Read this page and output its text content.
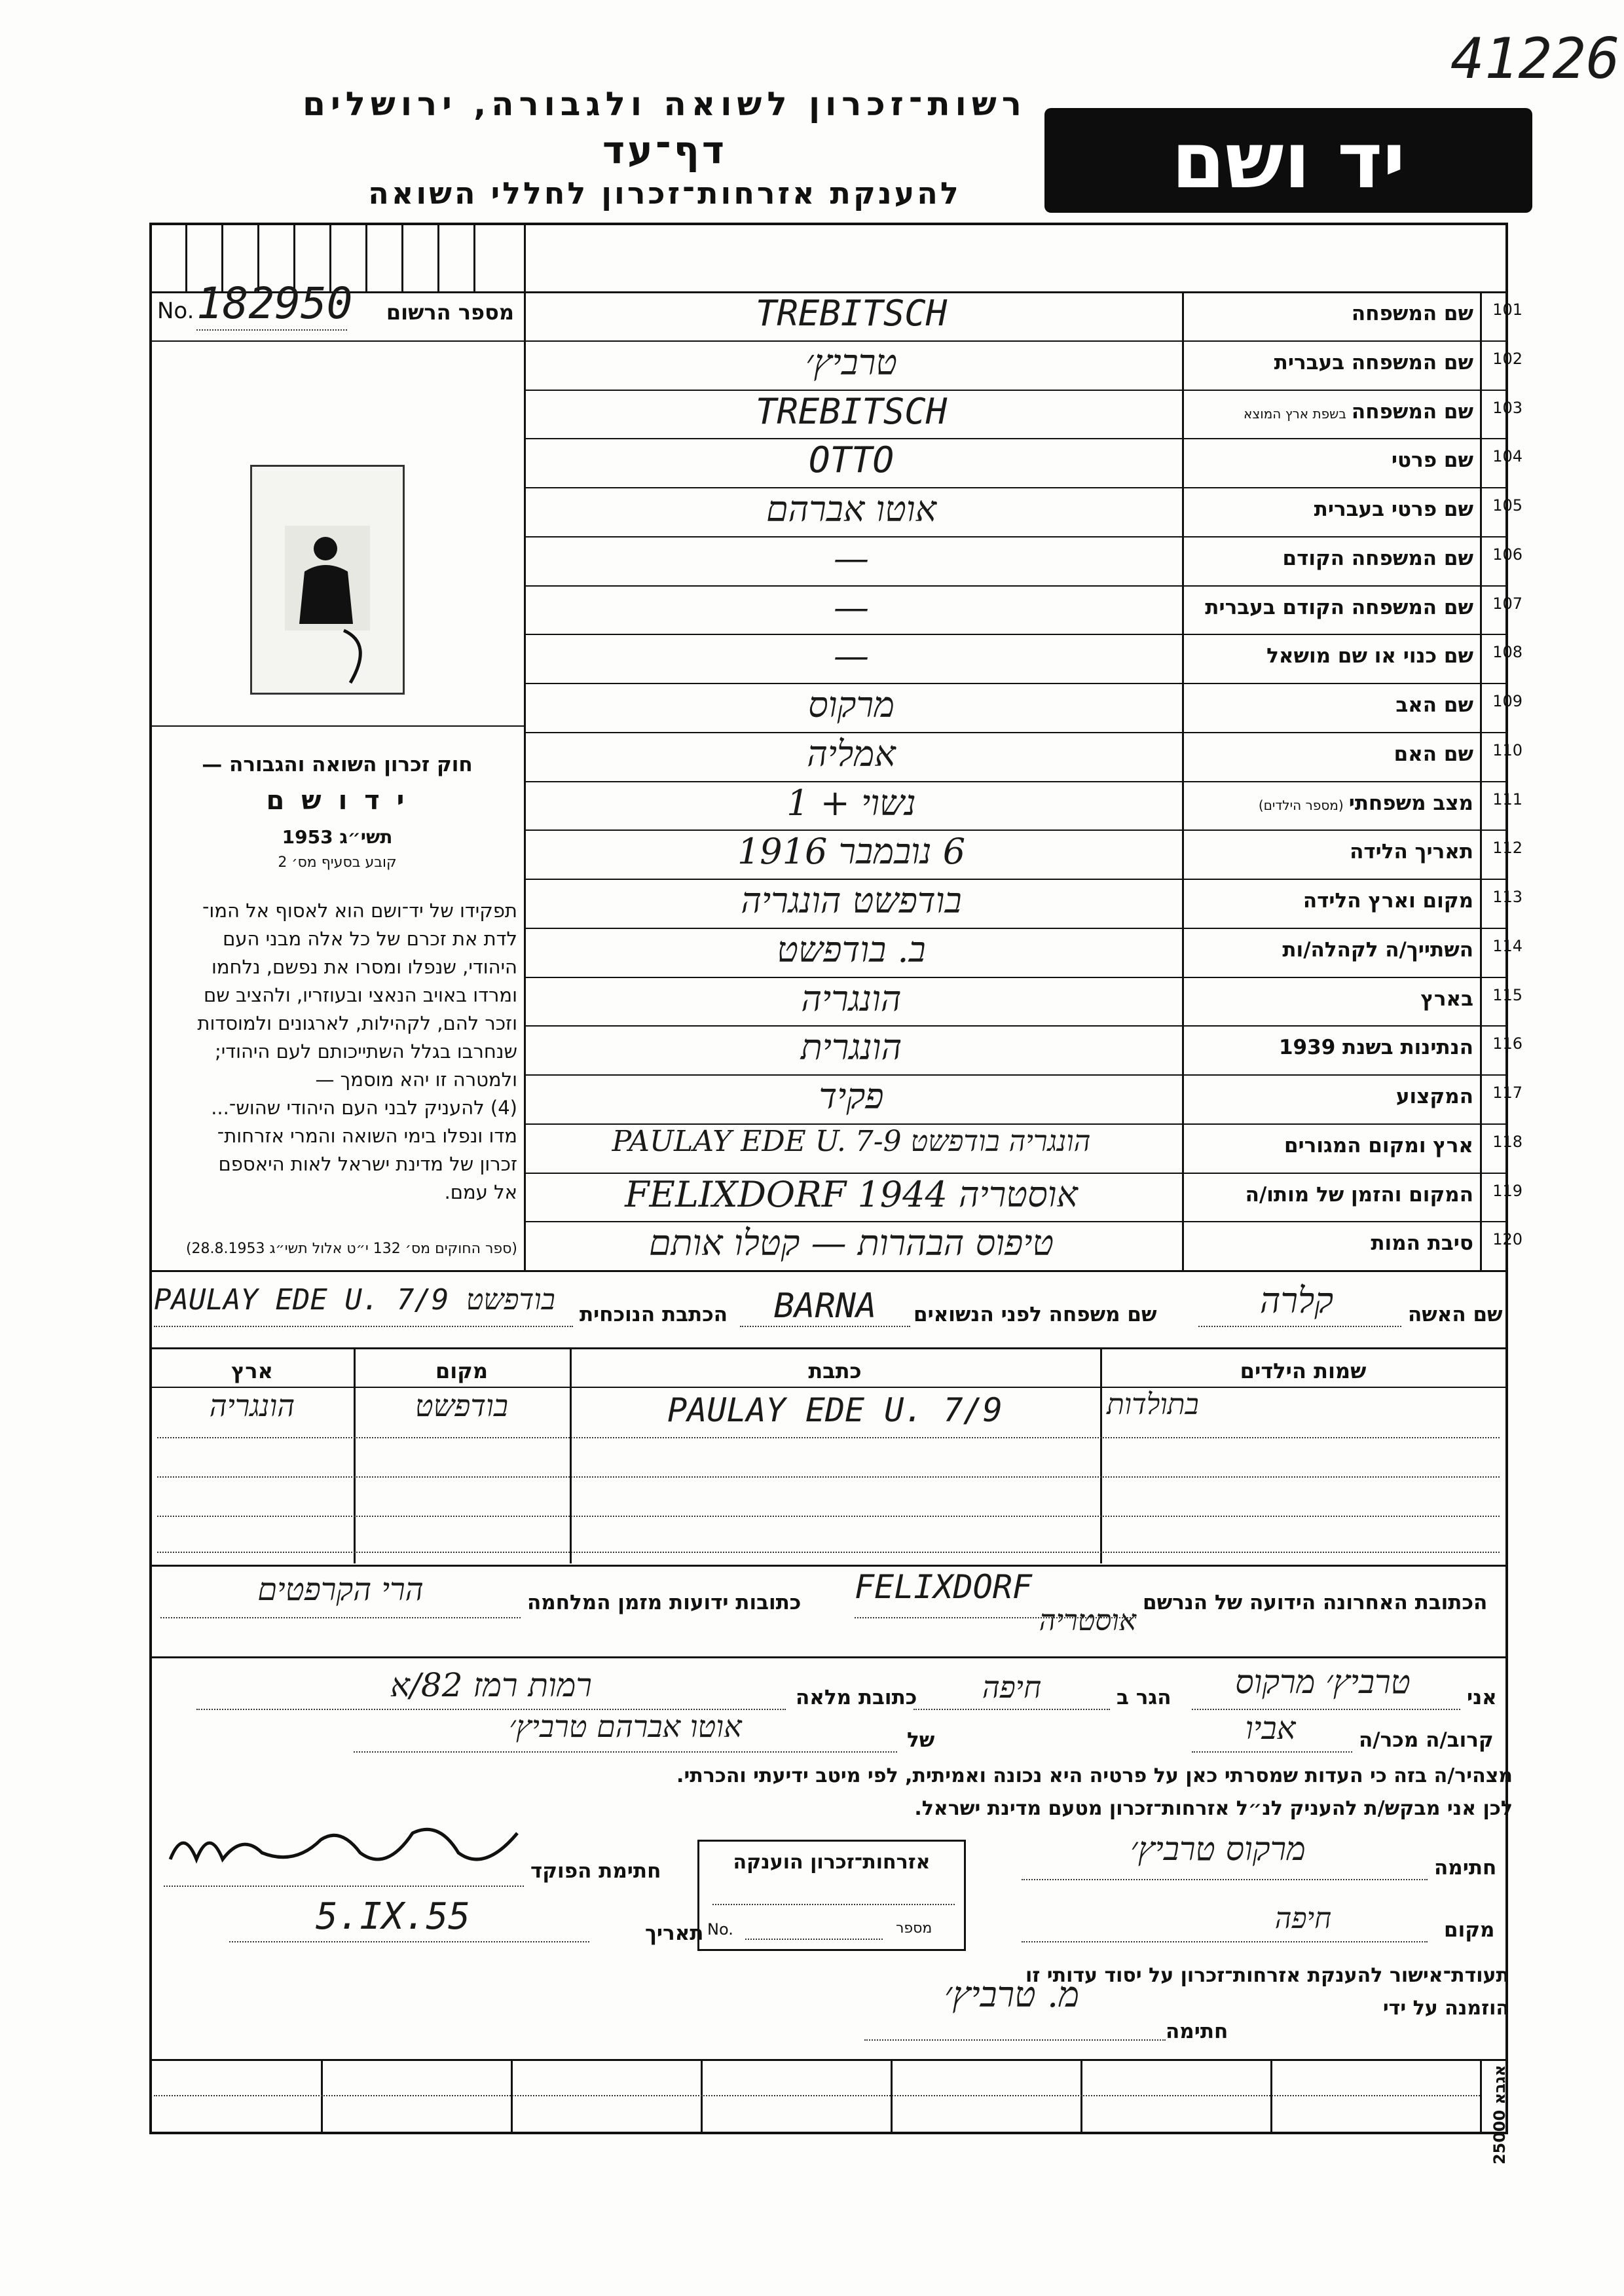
41226
יד ושם
רשות־זכרון לשואה ולגבורה, ירושלים
דף־עד
להענקת אזרחות־זכרון לחללי השואה
No. 182950	מספר הרשום
חוק זכרון השואה והגבורה —
י ד ו ש ם
תשי״ג 1953
קובע בסעיף מס׳ 2
תפקידו של יד־ושם הוא לאסוף אל המו־
לדת את זכרם של כל אלה מבני העם
היהודי, שנפלו ומסרו את נפשם, נלחמו
ומרדו באויב הנאצי ובעוזריו, ולהציב שם
וזכר להם, לקהילות, לארגונים ולמוסדות
שנחרבו בגלל השתייכותם לעם היהודי;
ולמטרה זו יהא מוסמך —
(4) להעניק לבני העם היהודי שהוש־...
מדו ונפלו בימי השואה והמרי אזרחות־
זכרון של מדינת ישראל לאות היאספם
אל עמם.
(ספר החוקים מס׳ 132 י״ט אלול תשי״ג 28.8.1953)
101
שם המשפחה
TREBITSCH
102
שם המשפחה בעברית
טרביץ׳
103
שם המשפחהבשפת ארץ המוצא
TREBITSCH
104
שם פרטי
OTTO
105
שם פרטי בעברית
אוטו אברהם
106
שם המשפחה הקודם
—
107
שם המשפחה הקודם בעברית
—
108
שם כנוי או שם מושאל
—
109
שם האב
מרקוס
110
שם האם
אמליה
111
מצב משפחתי(מספר הילדים)
נשוי + 1
112
תאריך הלידה
6 נובמבר 1916
113
מקום וארץ הלידה
בודפשט הונגריה
114
השתייך/ה לקהלה/ות
ב. בודפשט
115
בארץ
הונגריה
116
הנתינות בשנת 1939
הונגרית
117
המקצוע
פקיד
118
ארץ ומקום המגורים
הונגריה בודפשט PAULAY EDE U. 7-9
119
המקום והזמן של מותו/ה
אוסטריה FELIXDORF 1944
120
סיבת המות
טיפוס הבהרות — קטלו אותם
שם האשה
קלרה
שם משפחה לפני הנשואים
BARNA
הכתבת הנוכחית
PAULAY EDE U. 7/9 בודפשט
שמות הילדים
כתבת
מקום
ארץ
בתולדות
PAULAY EDE U. 7/9
בודפשט
הונגריה
הכתובת האחרונה הידועה של הנרשם
FELIXDORF
אוסטריה
כתובות ידועות מזמן המלחמה
הרי הקרפטים
אני
טרביץ׳ מרקוס
הגר ב
חיפה
כתובת מלאה
רמות רמז 82/א
קרוב/ה מכר/ה
אביו
של
אוטו אברהם טרביץ׳
מצהיר/ה בזה כי העדות שמסרתי כאן על פרטיה היא נכונה ואמיתית, לפי מיטב ידיעתי והכרתי.
לכן אני מבקש/ת להעניק לנ״ל אזרחות־זכרון מטעם מדינת ישראל.
חתימה
מרקוס טרביץ׳
מקום
חיפה
אזרחות־זכרון הוענקה
No.	מספר
חתימת הפוקד
תאריך
5.IX.55
תעודת־אישור להענקת אזרחות־זכרון על יסוד עדותי זו
הוזמנה על ידי
חתימה
מ. טרביץ׳
אגבא 25000
